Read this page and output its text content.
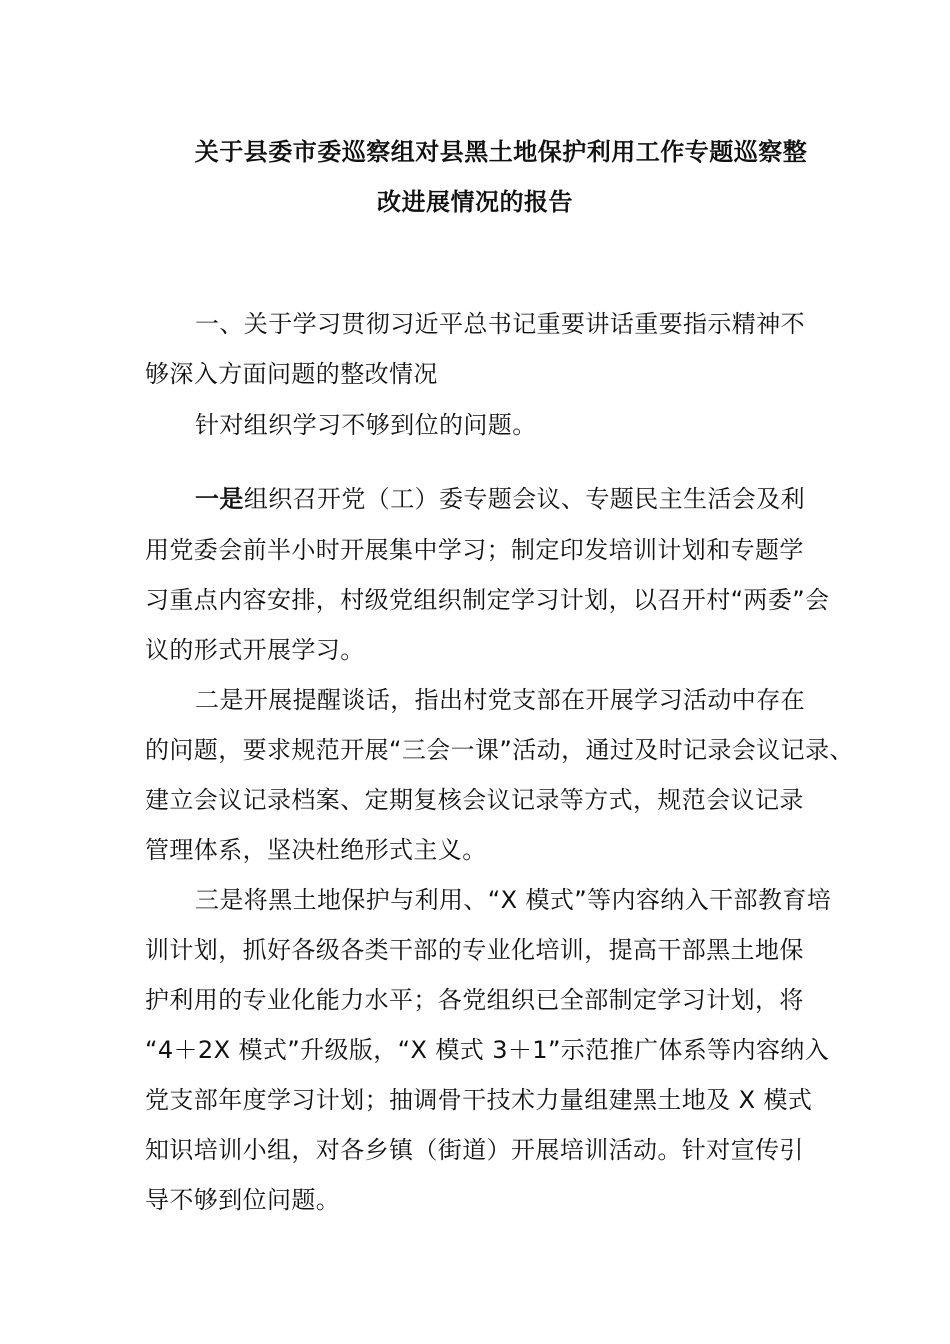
关于县委市委巡察组对县黑土地保护利用工作专题巡察整
改进展情况的报告
一、关于学习贯彻习近平总书记重要讲话重要指示精神不
够深入方面问题的整改情况
针对组织学习不够到位的问题。
一是组织召开党（工）委专题会议、专题民主生活会及利
用党委会前半小时开展集中学习；制定印发培训计划和专题学
习重点内容安排，村级党组织制定学习计划，以召开村“两委”会
议的形式开展学习。
二是开展提醒谈话，指出村党支部在开展学习活动中存在
的问题，要求规范开展“三会一课”活动，通过及时记录会议记录、
建立会议记录档案、定期复核会议记录等方式，规范会议记录
管理体系，坚决杜绝形式主义。
三是将黑土地保护与利用、“X 模式”等内容纳入干部教育培
训计划，抓好各级各类干部的专业化培训，提高干部黑土地保
护利用的专业化能力水平；各党组织已全部制定学习计划，将
“4＋2X 模式”升级版，“X 模式 3＋1”示范推广体系等内容纳入
党支部年度学习计划；抽调骨干技术力量组建黑土地及 X 模式
知识培训小组，对各乡镇（街道）开展培训活动。针对宣传引
导不够到位问题。
